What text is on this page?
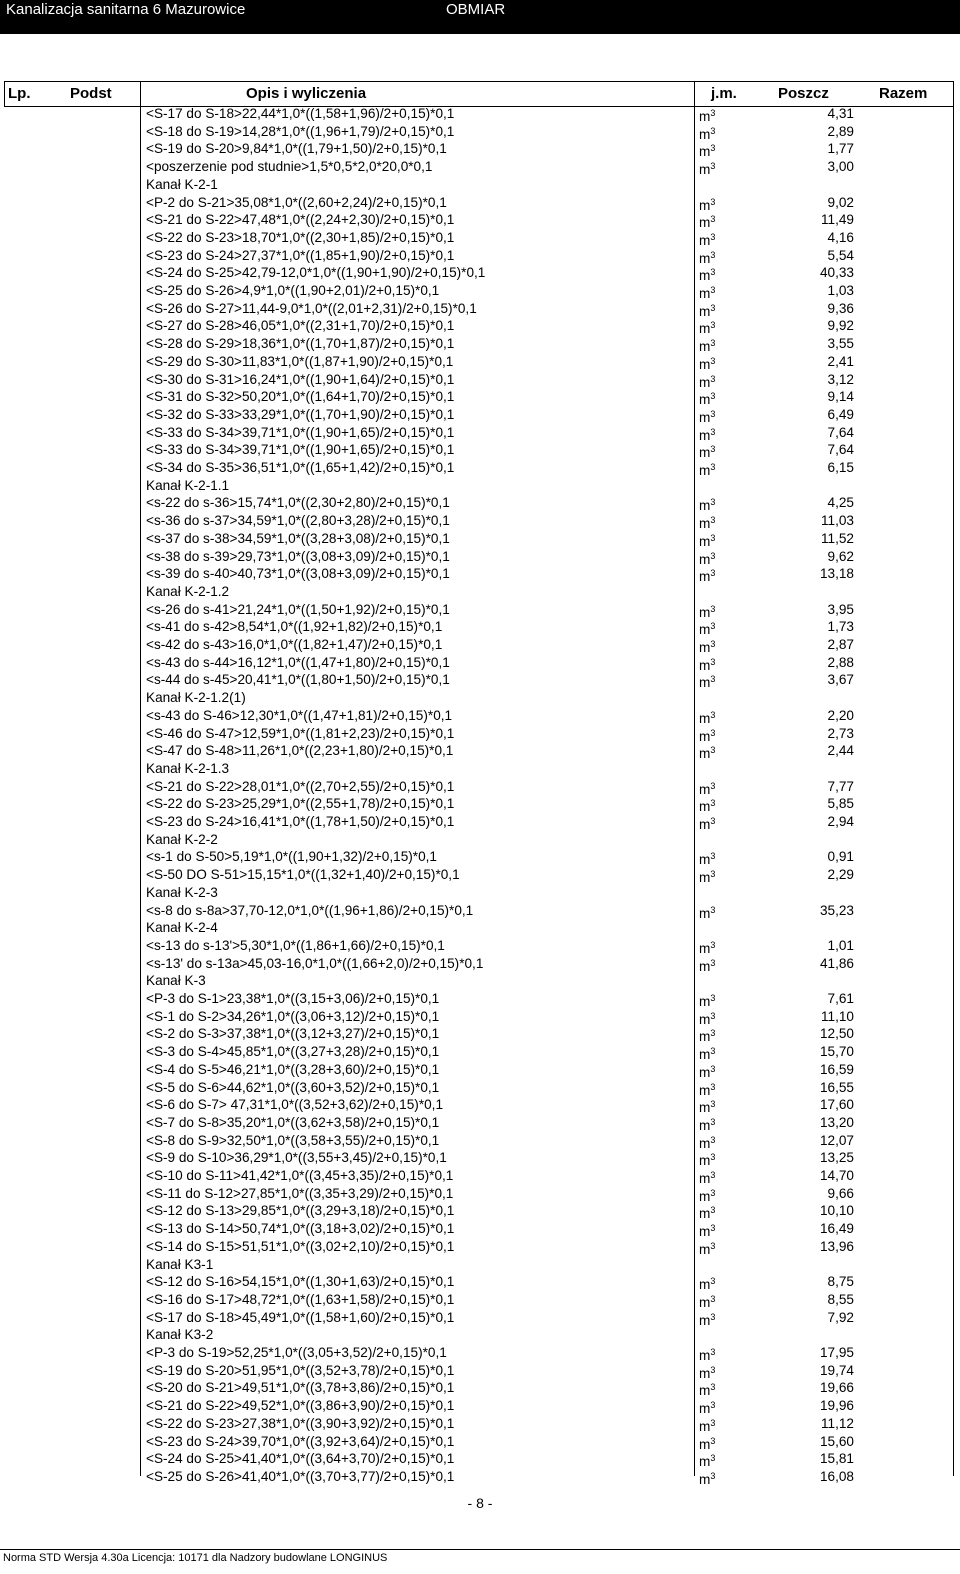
Kanalizacja sanitarna 6 Mazurowice	OBMIAR
Lp.	Podst	Opis i wyliczenia	j.m.	Poszcz	Razem
<S-17 do S-18>22,44*1,0*((1,58+1,96)/2+0,15)*0,1	$m^3$	4,31
<S-18 do S-19>14,28*1,0*((1,96+1,79)/2+0,15)*0,1	$m^3$	2,89
<S-19 do S-20>9,84*1,0*((1,79+1,50)/2+0,15)*0,1	$m^3$	1,77
<poszerzenie pod studnie>1,5*0,5*2,0*20,0*0,1	$m^3$	3,00
Kanał K-2-1
<P-2 do S-21>35,08*1,0*((2,60+2,24)/2+0,15)*0,1	$m^3$	9,02
<S-21 do S-22>47,48*1,0*((2,24+2,30)/2+0,15)*0,1	$m^3$	11,49
<S-22 do S-23>18,70*1,0*((2,30+1,85)/2+0,15)*0,1	$m^3$	4,16
<S-23 do S-24>27,37*1,0*((1,85+1,90)/2+0,15)*0,1	$m^3$	5,54
<S-24 do S-25>42,79-12,0*1,0*((1,90+1,90)/2+0,15)*0,1	$m^3$	40,33
<S-25 do S-26>4,9*1,0*((1,90+2,01)/2+0,15)*0,1	$m^3$	1,03
<S-26 do S-27>11,44-9,0*1,0*((2,01+2,31)/2+0,15)*0,1	$m^3$	9,36
<S-27 do S-28>46,05*1,0*((2,31+1,70)/2+0,15)*0,1	$m^3$	9,92
<S-28 do S-29>18,36*1,0*((1,70+1,87)/2+0,15)*0,1	$m^3$	3,55
<S-29 do S-30>11,83*1,0*((1,87+1,90)/2+0,15)*0,1	$m^3$	2,41
<S-30 do S-31>16,24*1,0*((1,90+1,64)/2+0,15)*0,1	$m^3$	3,12
<S-31 do S-32>50,20*1,0*((1,64+1,70)/2+0,15)*0,1	$m^3$	9,14
<S-32 do S-33>33,29*1,0*((1,70+1,90)/2+0,15)*0,1	$m^3$	6,49
<S-33 do S-34>39,71*1,0*((1,90+1,65)/2+0,15)*0,1	$m^3$	7,64
<S-33 do S-34>39,71*1,0*((1,90+1,65)/2+0,15)*0,1	$m^3$	7,64
<S-34 do S-35>36,51*1,0*((1,65+1,42)/2+0,15)*0,1	$m^3$	6,15
Kanał K-2-1.1
<s-22 do s-36>15,74*1,0*((2,30+2,80)/2+0,15)*0,1	$m^3$	4,25
<s-36 do s-37>34,59*1,0*((2,80+3,28)/2+0,15)*0,1	$m^3$	11,03
<s-37 do s-38>34,59*1,0*((3,28+3,08)/2+0,15)*0,1	$m^3$	11,52
<s-38 do s-39>29,73*1,0*((3,08+3,09)/2+0,15)*0,1	$m^3$	9,62
<s-39 do s-40>40,73*1,0*((3,08+3,09)/2+0,15)*0,1	$m^3$	13,18
Kanał K-2-1.2
<s-26 do s-41>21,24*1,0*((1,50+1,92)/2+0,15)*0,1	$m^3$	3,95
<s-41 do s-42>8,54*1,0*((1,92+1,82)/2+0,15)*0,1	$m^3$	1,73
<s-42 do s-43>16,0*1,0*((1,82+1,47)/2+0,15)*0,1	$m^3$	2,87
<s-43 do s-44>16,12*1,0*((1,47+1,80)/2+0,15)*0,1	$m^3$	2,88
<s-44 do s-45>20,41*1,0*((1,80+1,50)/2+0,15)*0,1	$m^3$	3,67
Kanał K-2-1.2(1)
<s-43 do S-46>12,30*1,0*((1,47+1,81)/2+0,15)*0,1	$m^3$	2,20
<S-46 do S-47>12,59*1,0*((1,81+2,23)/2+0,15)*0,1	$m^3$	2,73
<S-47 do S-48>11,26*1,0*((2,23+1,80)/2+0,15)*0,1	$m^3$	2,44
Kanał K-2-1.3
<S-21 do S-22>28,01*1,0*((2,70+2,55)/2+0,15)*0,1	$m^3$	7,77
<S-22 do S-23>25,29*1,0*((2,55+1,78)/2+0,15)*0,1	$m^3$	5,85
<S-23 do S-24>16,41*1,0*((1,78+1,50)/2+0,15)*0,1	$m^3$	2,94
Kanał K-2-2
<s-1 do S-50>5,19*1,0*((1,90+1,32)/2+0,15)*0,1	$m^3$	0,91
<S-50 DO S-51>15,15*1,0*((1,32+1,40)/2+0,15)*0,1	$m^3$	2,29
Kanał K-2-3
<s-8 do s-8a>37,70-12,0*1,0*((1,96+1,86)/2+0,15)*0,1	$m^3$	35,23
Kanał K-2-4
<s-13 do s-13'>5,30*1,0*((1,86+1,66)/2+0,15)*0,1	$m^3$	1,01
<s-13' do s-13a>45,03-16,0*1,0*((1,66+2,0)/2+0,15)*0,1	$m^3$	41,86
Kanał K-3
<P-3 do S-1>23,38*1,0*((3,15+3,06)/2+0,15)*0,1	$m^3$	7,61
<S-1 do S-2>34,26*1,0*((3,06+3,12)/2+0,15)*0,1	$m^3$	11,10
<S-2 do S-3>37,38*1,0*((3,12+3,27)/2+0,15)*0,1	$m^3$	12,50
<S-3 do S-4>45,85*1,0*((3,27+3,28)/2+0,15)*0,1	$m^3$	15,70
<S-4 do S-5>46,21*1,0*((3,28+3,60)/2+0,15)*0,1	$m^3$	16,59
<S-5 do S-6>44,62*1,0*((3,60+3,52)/2+0,15)*0,1	$m^3$	16,55
<S-6 do S-7> 47,31*1,0*((3,52+3,62)/2+0,15)*0,1	$m^3$	17,60
<S-7 do S-8>35,20*1,0*((3,62+3,58)/2+0,15)*0,1	$m^3$	13,20
<S-8 do S-9>32,50*1,0*((3,58+3,55)/2+0,15)*0,1	$m^3$	12,07
<S-9 do S-10>36,29*1,0*((3,55+3,45)/2+0,15)*0,1	$m^3$	13,25
<S-10 do S-11>41,42*1,0*((3,45+3,35)/2+0,15)*0,1	$m^3$	14,70
<S-11 do S-12>27,85*1,0*((3,35+3,29)/2+0,15)*0,1	$m^3$	9,66
<S-12 do S-13>29,85*1,0*((3,29+3,18)/2+0,15)*0,1	$m^3$	10,10
<S-13 do S-14>50,74*1,0*((3,18+3,02)/2+0,15)*0,1	$m^3$	16,49
<S-14 do S-15>51,51*1,0*((3,02+2,10)/2+0,15)*0,1	$m^3$	13,96
Kanał K3-1
<S-12 do S-16>54,15*1,0*((1,30+1,63)/2+0,15)*0,1	$m^3$	8,75
<S-16 do S-17>48,72*1,0*((1,63+1,58)/2+0,15)*0,1	$m^3$	8,55
<S-17 do S-18>45,49*1,0*((1,58+1,60)/2+0,15)*0,1	$m^3$	7,92
Kanał K3-2
<P-3 do S-19>52,25*1,0*((3,05+3,52)/2+0,15)*0,1	$m^3$	17,95
<S-19 do S-20>51,95*1,0*((3,52+3,78)/2+0,15)*0,1	$m^3$	19,74
<S-20 do S-21>49,51*1,0*((3,78+3,86)/2+0,15)*0,1	$m^3$	19,66
<S-21 do S-22>49,52*1,0*((3,86+3,90)/2+0,15)*0,1	$m^3$	19,96
<S-22 do S-23>27,38*1,0*((3,90+3,92)/2+0,15)*0,1	$m^3$	11,12
<S-23 do S-24>39,70*1,0*((3,92+3,64)/2+0,15)*0,1	$m^3$	15,60
<S-24 do S-25>41,40*1,0*((3,64+3,70)/2+0,15)*0,1	$m^3$	15,81
<S-25 do S-26>41,40*1,0*((3,70+3,77)/2+0,15)*0,1	$m^3$	16,08
- 8 -
Norma STD Wersja 4.30a Licencja: 10171 dla Nadzory budowlane LONGINUS
